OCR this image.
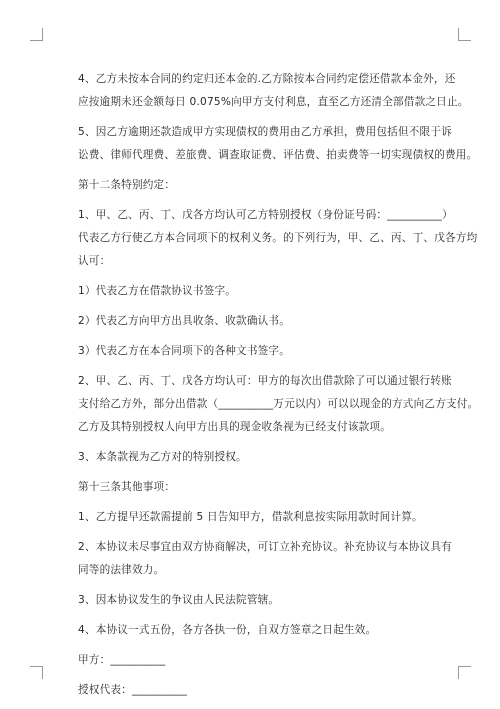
4、乙方未按本合同的约定归还本金的.乙方除按本合同约定偿还借款本金外，还
应按逾期未还金额每日 0.075%向甲方支付利息，直至乙方还清全部借款之日止。

5、因乙方逾期还款造成甲方实现债权的费用由乙方承担，费用包括但不限于诉
讼费、律师代理费、差旅费、调查取证费、评估费、拍卖费等一切实现债权的费用。

第十二条特别约定：

1、甲、乙、丙、丁、戊各方均认可乙方特别授权（身份证号码：__________）
代表乙方行使乙方本合同项下的权利义务。的下列行为，甲、乙、丙、丁、戊各方均
认可：

1）代表乙方在借款协议书签字。

2）代表乙方向甲方出具收条、收款确认书。

3）代表乙方在本合同项下的各种文书签字。

2、甲、乙、丙、丁、戊各方均认可：甲方的每次出借款除了可以通过银行转账
支付给乙方外，部分出借款（__________万元以内）可以以现金的方式向乙方支付。
乙方及其特别授权人向甲方出具的现金收条视为已经支付该款项。

3、本条款视为乙方对的特别授权。

第十三条其他事项：

1、乙方提早还款需提前 5 日告知甲方，借款利息按实际用款时间计算。

2、本协议未尽事宜由双方协商解决，可订立补充协议。补充协议与本协议具有
同等的法律效力。

3、因本协议发生的争议由人民法院管辖。

4、本协议一式五份，各方各执一份，自双方签章之日起生效。

甲方：__________

授权代表：__________
